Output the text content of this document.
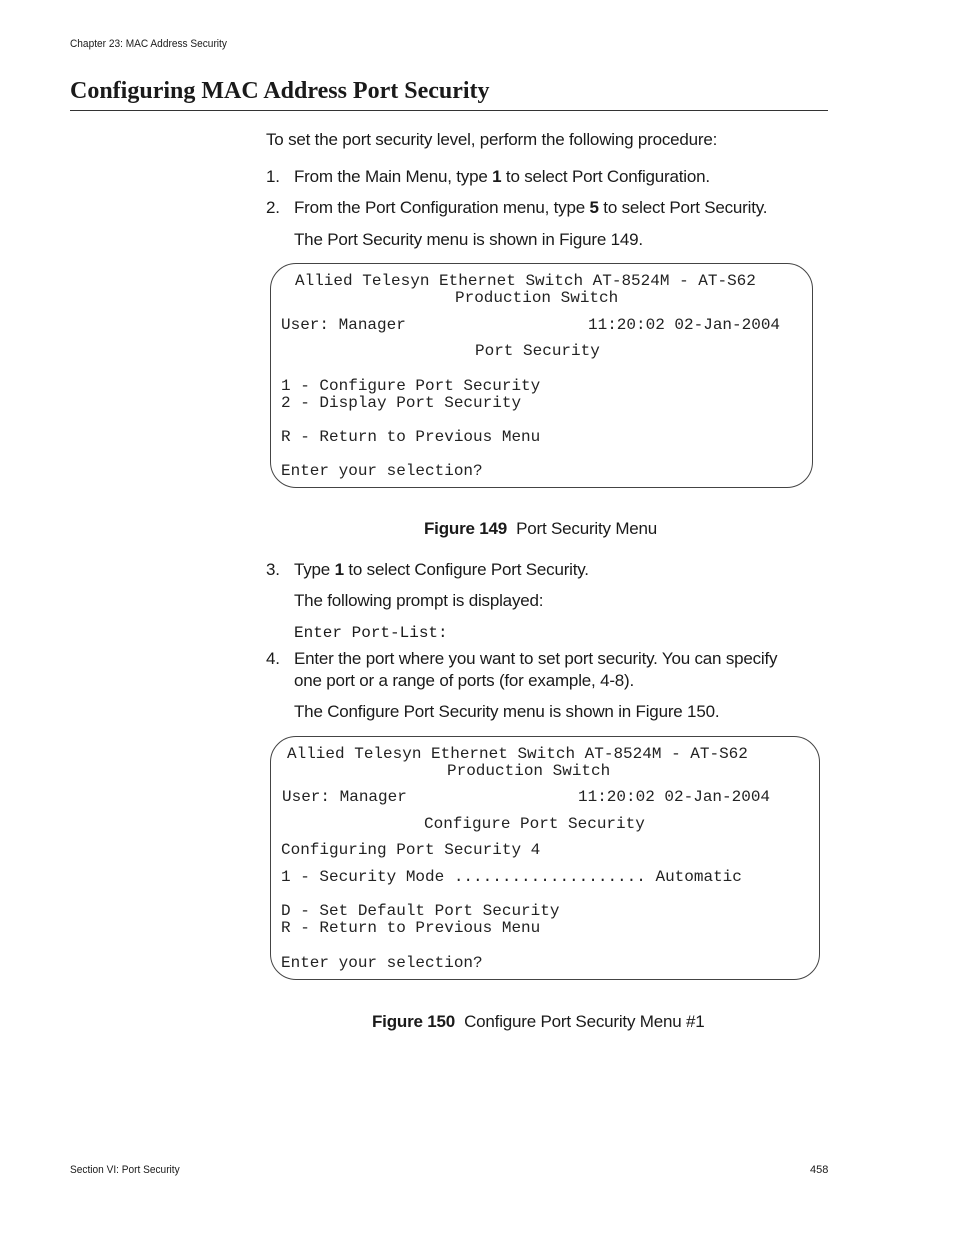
Chapter 23: MAC Address Security
Configuring MAC Address Port Security
To set the port security level, perform the following procedure:
1. From the Main Menu, type 1 to select Port Configuration.
2. From the Port Configuration menu, type 5 to select Port Security.
The Port Security menu is shown in Figure 149.
Allied Telesyn Ethernet Switch AT-8524M - AT-S62
Production Switch
User: Manager	11:20:02 02-Jan-2004
Port Security
1 - Configure Port Security
2 - Display Port Security
R - Return to Previous Menu
Enter your selection?
Figure 149 Port Security Menu
3. Type 1 to select Configure Port Security.
The following prompt is displayed:
Enter Port-List:
4. Enter the port where you want to set port security. You can specify
one port or a range of ports (for example, 4-8).
The Configure Port Security menu is shown in Figure 150.
Allied Telesyn Ethernet Switch AT-8524M - AT-S62
Production Switch
User: Manager	11:20:02 02-Jan-2004
Configure Port Security
Configuring Port Security 4
1 - Security Mode .................... Automatic
D - Set Default Port Security
R - Return to Previous Menu
Enter your selection?
Figure 150 Configure Port Security Menu #1
Section VI: Port Security	458
